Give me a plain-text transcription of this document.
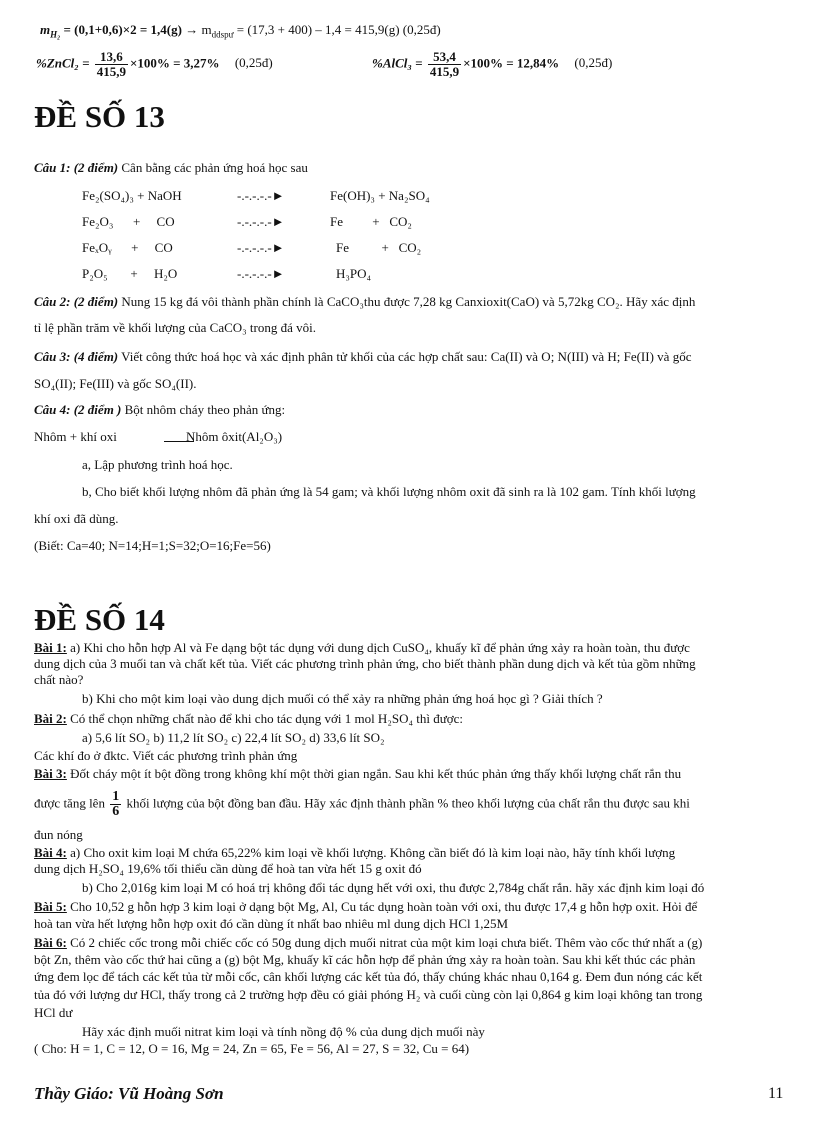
$m_{H_2} = (0,1+0,6)\times 2 = 1,4(g) \to m_{ddspư} = (17,3 + 400) - 1,4 = 415,9(g)$ (0,25đ)
%ZnCl₂ = $\frac{13,6}{415,9} \times 100\% = 3,27\%$ (0,25đ)	%AlCl₃ = $\frac{53,4}{415,9} \times 100\% = 12,84\%$ (0,25đ)
ĐỀ SỐ 13
Câu 1: (2 điểm) Cân bằng các phản ứng hoá học sau
Fe₂(SO₄)₃ + NaOH	-.-.-.-.-►	Fe(OH)₃ + Na₂SO₄
Fe₂O₃      +     CO	-.-.-.-.-►	Fe         +   CO₂
FeₓOᵧ      +     CO	-.-.-.-.-►	Fe          +   CO₂
P₂O₅       +     H₂O	-.-.-.-.-►	H₃PO₄
Câu 2: (2 điểm) Nung 15 kg đá vôi thành phần chính là CaCO₃thu được 7,28 kg Canxioxit(CaO) và 5,72kg CO₂. Hãy xác định
tỉ lệ phần trăm về khối lượng của CaCO₃ trong đá vôi.
Câu 3: (4 điểm) Viết công thức hoá học và xác định phân tử khối của các hợp chất sau: Ca(II) và O; N(III) và H; Fe(II) và gốc
SO₄(II); Fe(III) và gốc SO₄(II).
Câu 4: (2 điểm ) Bột nhôm cháy theo phản ứng:
Nhôm + khí oxi	Nhôm ôxit(Al₂O₃)
a, Lập phương trình hoá học.
b, Cho biết khối lượng nhôm đã phản ứng là 54 gam; và khối lượng nhôm oxit đã sinh ra là 102 gam. Tính khối lượng
khí oxi đã dùng.
(Biết: Ca=40; N=14;H=1;S=32;O=16;Fe=56)
ĐỀ SỐ 14
Bài 1: a) Khi cho hỗn hợp Al và Fe dạng bột tác dụng với dung dịch CuSO₄, khuấy kĩ để phản ứng xảy ra hoàn toàn, thu được
dung dịch của 3 muối tan và chất kết tủa. Viết các phương trình phản ứng, cho biết thành phần dung dịch và kết tủa gồm những
chất nào?
b) Khi cho một kim loại vào dung dịch muối có thể xảy ra những phản ứng hoá học gì ? Giải thích ?
Bài 2: Có thể chọn những chất nào để khi cho tác dụng với 1 mol H₂SO₄ thì được:
a) 5,6 lít SO₂ b) 11,2 lít SO₂ c) 22,4 lít SO₂ d) 33,6 lít SO₂
Các khí đo ở đktc. Viết các phương trình phản ứng
Bài 3: Đốt cháy một ít bột đồng trong không khí một thời gian ngắn. Sau khi kết thúc phản ứng thấy khối lượng chất rắn thu
được tăng lên $\frac{1}{6}$ khối lượng của bột đồng ban đầu. Hãy xác định thành phần % theo khối lượng của chất rắn thu được sau khi
đun nóng
Bài 4: a) Cho oxit kim loại M chứa 65,22% kim loại về khối lượng. Không cần biết đó là kim loại nào, hãy tính khối lượng
dung dịch H₂SO₄ 19,6% tối thiểu cần dùng để hoà tan vừa hết 15 g oxit đó
b) Cho 2,016g kim loại M có hoá trị không đổi tác dụng hết với oxi, thu được 2,784g chất rắn. hãy xác định kim loại đó
Bài 5: Cho 10,52 g hỗn hợp 3 kim loại ở dạng bột Mg, Al, Cu tác dụng hoàn toàn với oxi, thu được 17,4 g hỗn hợp oxit. Hỏi để
hoà tan vừa hết lượng hỗn hợp oxit đó cần dùng ít nhất bao nhiêu ml dung dịch HCl 1,25M
Bài 6: Có 2 chiếc cốc trong mỗi chiếc cốc có 50g dung dịch muối nitrat của một kim loại chưa biết. Thêm vào cốc thứ nhất a (g)
bột Zn, thêm vào cốc thứ hai cũng a (g) bột Mg, khuấy kĩ các hỗn hợp để phản ứng xảy ra hoàn toàn. Sau khi kết thúc các phản
ứng đem lọc để tách các kết tủa từ mỗi cốc, cân khối lượng các kết tủa đó, thấy chúng khác nhau 0,164 g. Đem đun nóng các kết
tủa đó với lượng dư HCl, thấy trong cả 2 trường hợp đều có giải phóng H₂ và cuối cùng còn lại 0,864 g kim loại không tan trong
HCl dư
Hãy xác định muối nitrat kim loại và tính nồng độ % của dung dịch muối này
( Cho: H = 1, C = 12, O = 16, Mg = 24, Zn = 65, Fe = 56, Al = 27, S = 32, Cu = 64)
Thầy Giáo: Vũ Hoàng Sơn	11
